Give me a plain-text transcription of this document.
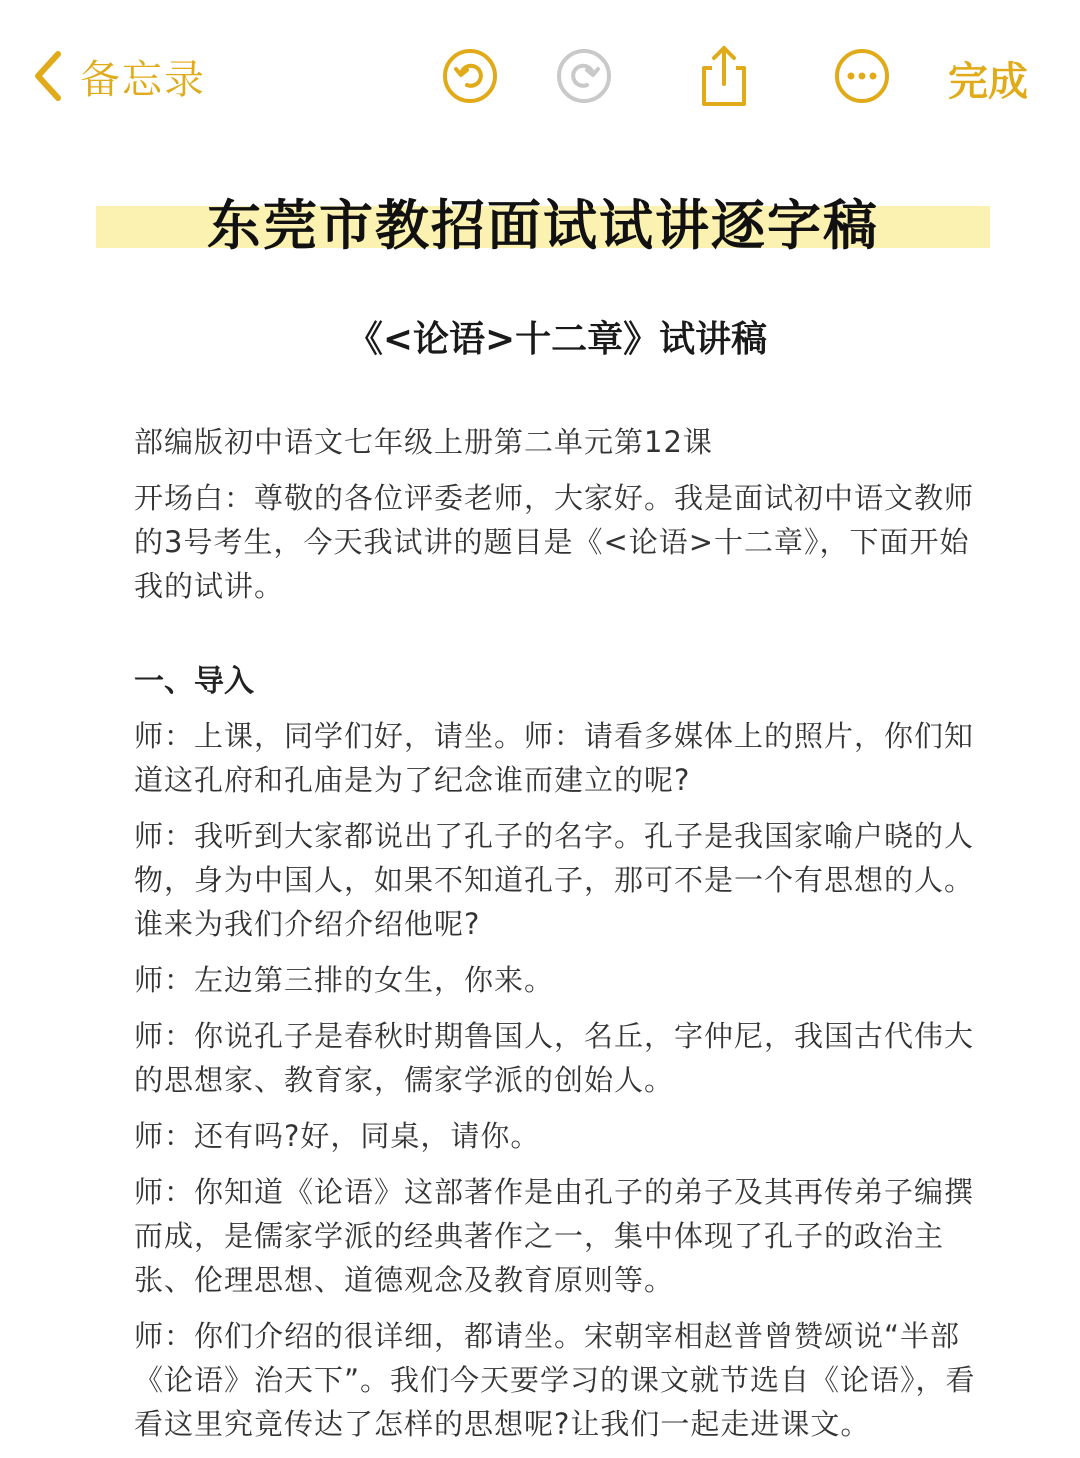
备忘录	完成
东莞市教招面试试讲逐字稿
《<论语>十二章》试讲稿
部编版初中语文七年级上册第二单元第12课
开场白：尊敬的各位评委老师，大家好。我是面试初中语文教师的3号考生，今天我试讲的题目是《<论语>十二章》，下面开始我的试讲。
一、导入
师：上课，同学们好，请坐。师：请看多媒体上的照片，你们知道这孔府和孔庙是为了纪念谁而建立的呢?
师：我听到大家都说出了孔子的名字。孔子是我国家喻户晓的人物，身为中国人，如果不知道孔子，那可不是一个有思想的人。谁来为我们介绍介绍他呢?
师：左边第三排的女生，你来。
师：你说孔子是春秋时期鲁国人，名丘，字仲尼，我国古代伟大的思想家、教育家，儒家学派的创始人。
师：还有吗?好，同桌，请你。
师：你知道《论语》这部著作是由孔子的弟子及其再传弟子编撰而成，是儒家学派的经典著作之一，集中体现了孔子的政治主张、伦理思想、道德观念及教育原则等。
师：你们介绍的很详细，都请坐。宋朝宰相赵普曾赞颂说“半部《论语》治天下”。我们今天要学习的课文就节选自《论语》，看看这里究竟传达了怎样的思想呢?让我们一起走进课文。
